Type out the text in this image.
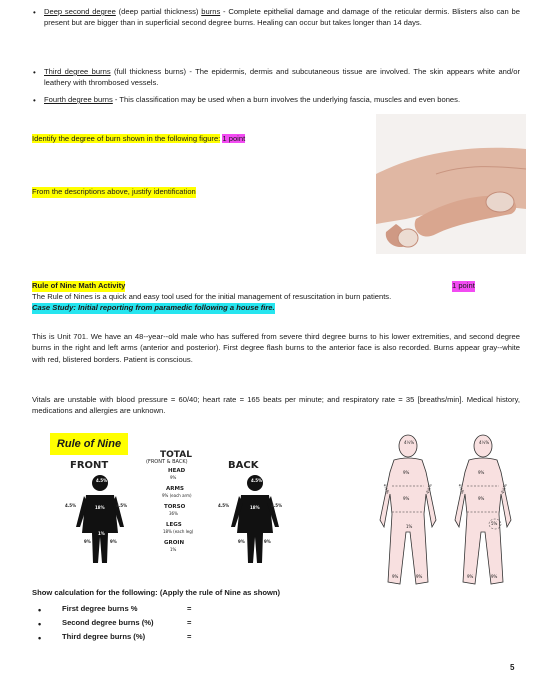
• Deep second degree (deep partial thickness) burns - Complete epithelial damage and damage of the reticular dermis. Blisters also can be present but are bigger than in superficial second degree burns. Healing can occur but takes longer than 14 days.
• Third degree burns (full thickness burns) - The epidermis, dermis and subcutaneous tissue are involved. The skin appears white and/or leathery with thrombosed vessels.
• Fourth degree burns - This classification may be used when a burn involves the underlying fascia, muscles and even bones.
Identify the degree of burn shown in the following figure: 1 point
From the descriptions above, justify identification
Rule of Nine Math Activity	1 point
The Rule of Nines is a quick and easy tool used for the initial management of resuscitation in burn patients.
Case Study: Initial reporting from paramedic following a house fire.
This is Unit 701. We have an 48--year--old male who has suffered from severe third degree burns to his lower extremities, and second degree burns in the right and left arms (anterior and posterior). First degree flash burns to the anterior face is also recorded. Burns appear gray--white with red, blistered borders. Patient is conscious.
Vitals are unstable with blood pressure = 60/40; heart rate = 165 beats per minute; and respiratory rate = 35 [breaths/min]. Medical history, medications and allergies are unknown.
Rule of Nine
FRONT	BACK
TOTAL
(FRONT & BACK)
HEAD
9%
ARMS
9% (each arm)
TORSO
36%
LEGS
18% (each leg)
GROIN
1%
4.5%
4.5%	4.5%
18%
9%	9%
1%
4.5%
4.5%	4.5%
18%
9%	9%
4½%
9%
9%
4½%	4½%
1%
9%	9%
4½%
9%
9%
4½%	4½%
5%
9%	9%
Show calculation for the following: (Apply the rule of Nine as shown)
• First degree burns %	=
• Second degree burns (%)	=
• Third degree burns (%)	=
5
